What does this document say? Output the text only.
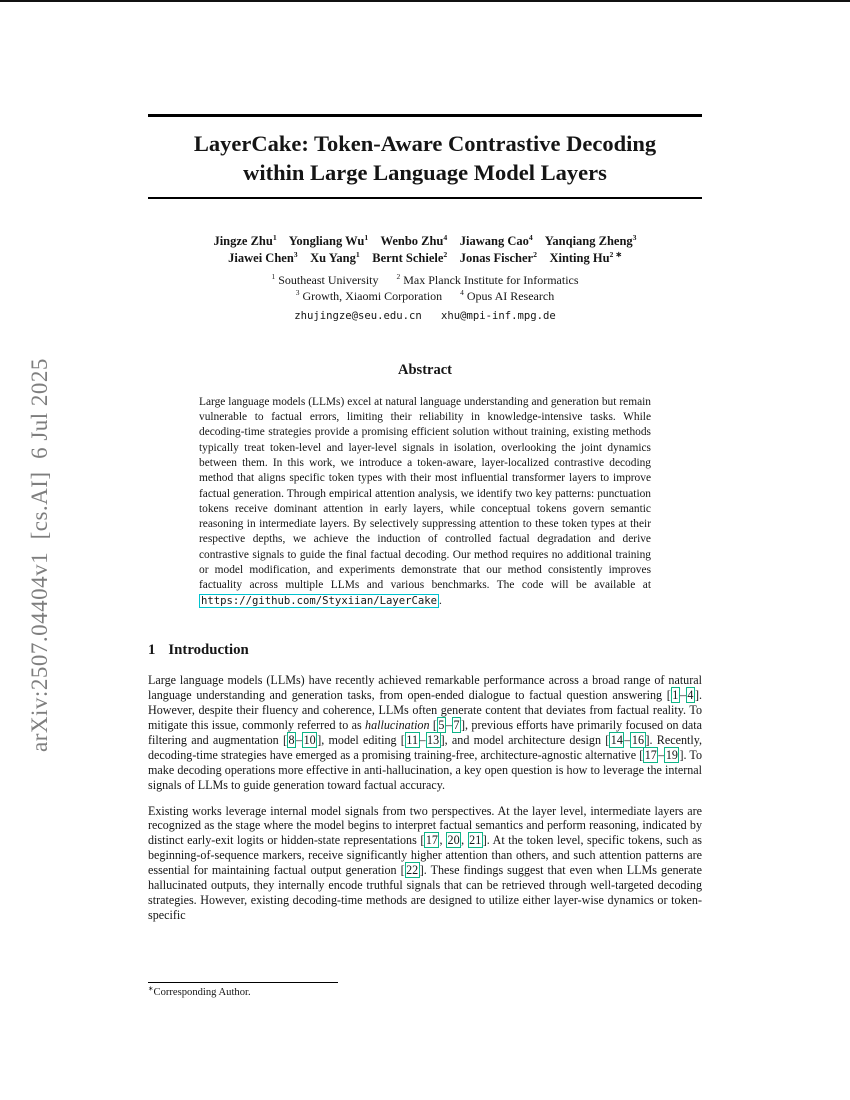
arXiv:2507.04404v1  [cs.AI]  6 Jul 2025
LayerCake: Token-Aware Contrastive Decoding
within Large Language Model Layers
Jingze Zhu$^1$    Yongliang Wu$^1$    Wenbo Zhu$^4$    Jiawang Cao$^4$    Yanqiang Zheng$^3$
Jiawei Chen$^3$    Xu Yang$^1$    Bernt Schiele$^2$    Jonas Fischer$^2$    Xinting $Hu^{2 ∗}$
$^1$ Southeast University      $^2$ Max Planck Institute for Informatics
$^3$ Growth, Xiaomi Corporation      $^4$ Opus AI Research
zhujingze@seu.edu.cn   xhu@mpi-inf.mpg.de
Abstract

Large language models (LLMs) excel at natural language understanding and generation but remain vulnerable to factual errors, limiting their reliability in knowledge-intensive tasks. While decoding-time strategies provide a promising efficient solution without training, existing methods typically treat token-level and layer-level signals in isolation, overlooking the joint dynamics between them. In this work, we introduce a token-aware, layer-localized contrastive decoding method that aligns specific token types with their most influential transformer layers to improve factual generation. Through empirical attention analysis, we identify two key patterns: punctuation tokens receive dominant attention in early layers, while conceptual tokens govern semantic reasoning in intermediate layers. By selectively suppressing attention to these token types at their respective depths, we achieve the induction of controlled factual degradation and derive contrastive signals to guide the final factual decoding. Our method requires no additional training or model modification, and experiments demonstrate that our method consistently improves factuality across multiple LLMs and various benchmarks. The code will be available at https://github.com/Styxiian/LayerCake .

1 Introduction

Large language models (LLMs) have recently achieved remarkable performance across a broad range of natural language understanding and generation tasks, from open-ended dialogue to factual question answering [ 1 – 4 ]. However, despite their fluency and coherence, LLMs often generate content that deviates from factual reality. To mitigate this issue, commonly referred to as hallucination [ 5 – 7 ], previous efforts have primarily focused on data filtering and augmentation [ 8 – 10 ], model editing [ 11 – 13 ], and model architecture design [ 14 – 16 ]. Recently, decoding-time strategies have emerged as a promising training-free, architecture-agnostic alternative [ 17 – 19 ]. To make decoding operations more effective in anti-hallucination, a key open question is how to leverage the internal signals of LLMs to guide generation toward factual accuracy.

Existing works leverage internal model signals from two perspectives. At the layer level, intermediate layers are recognized as the stage where the model begins to interpret factual semantics and perform reasoning, indicated by distinct early-exit logits or hidden-state representations [ 17 , 20 , 21 ]. At the token level, specific tokens, such as beginning-of-sequence markers, receive significantly higher attention than others, and such attention patterns are essential for maintaining factual output generation [ 22 ]. These findings suggest that even when LLMs generate hallucinated outputs, they internally encode truthful signals that can be retrieved through well-targeted decoding strategies. However, existing decoding-time methods are designed to utilize either layer-wise dynamics or token-specific

∗Corresponding Author.
